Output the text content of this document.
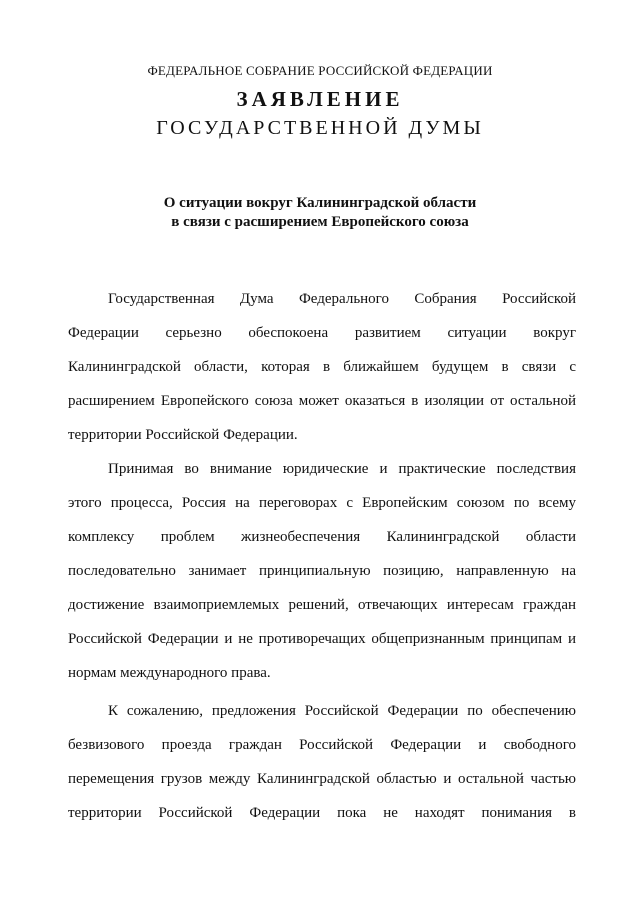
ФЕДЕРАЛЬНОЕ СОБРАНИЕ РОССИЙСКОЙ ФЕДЕРАЦИИ
ЗАЯВЛЕНИЕ
ГОСУДАРСТВЕННОЙ ДУМЫ
О ситуации вокруг Калининградской области
в связи с расширением Европейского союза
Государственная Дума Федерального Собрания Российской
Федерации серьезно обеспокоена развитием ситуации вокруг
Калининградской области, которая в ближайшем будущем в связи с
расширением Европейского союза может оказаться в изоляции от остальной
территории Российской Федерации.
Принимая во внимание юридические и практические последствия
этого процесса, Россия на переговорах с Европейским союзом по всему
комплексу проблем жизнеобеспечения Калининградской области
последовательно занимает принципиальную позицию, направленную на
достижение взаимоприемлемых решений, отвечающих интересам граждан
Российской Федерации и не противоречащих общепризнанным принципам и
нормам международного права.
К сожалению, предложения Российской Федерации по обеспечению
безвизового проезда граждан Российской Федерации и свободного
перемещения грузов между Калининградской областью и остальной частью
территории Российской Федерации пока не находят понимания в
